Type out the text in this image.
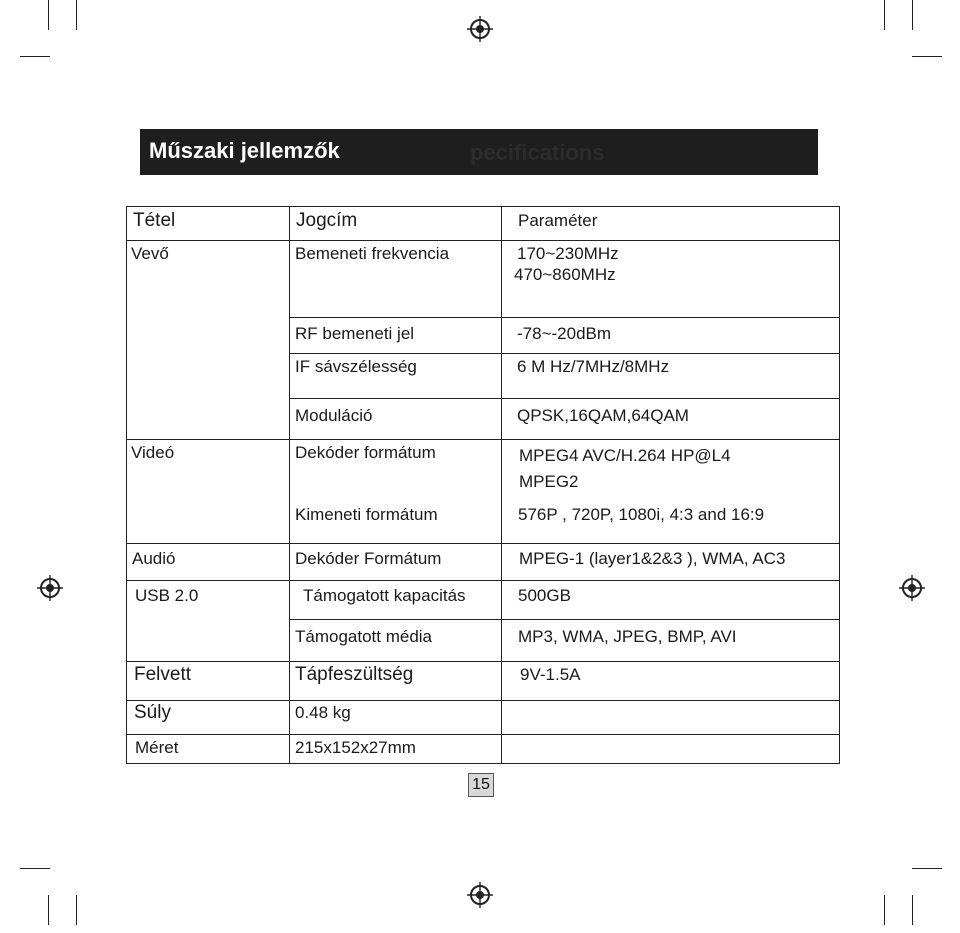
pecifications
Műszaki jellemzők
Tétel	Jogcím	Paraméter

Vevő	Bemeneti frekvencia	170~230MHz
470~860MHz

	RF bemeneti jel	-78~-20dBm

	IF sávszélesség	6 M Hz/7MHz/8MHz

	Moduláció	QPSK,16QAM,64QAM

Videó	Dekóder formátum	MPEG4 AVC/H.264 HP@L4
MPEG2

	Kimeneti formátum	576P , 720P, 1080i, 4:3 and 16:9

Audió	Dekóder Formátum	MPEG-1 (layer1&2&3 ), WMA, AC3

USB 2.0	Támogatott kapacitás	500GB

	Támogatott média	MP3, WMA, JPEG, BMP, AVI

Felvett	Tápfeszültség	9V-1.5A

Súly	0.48 kg	

Méret	215x152x27mm	

15
